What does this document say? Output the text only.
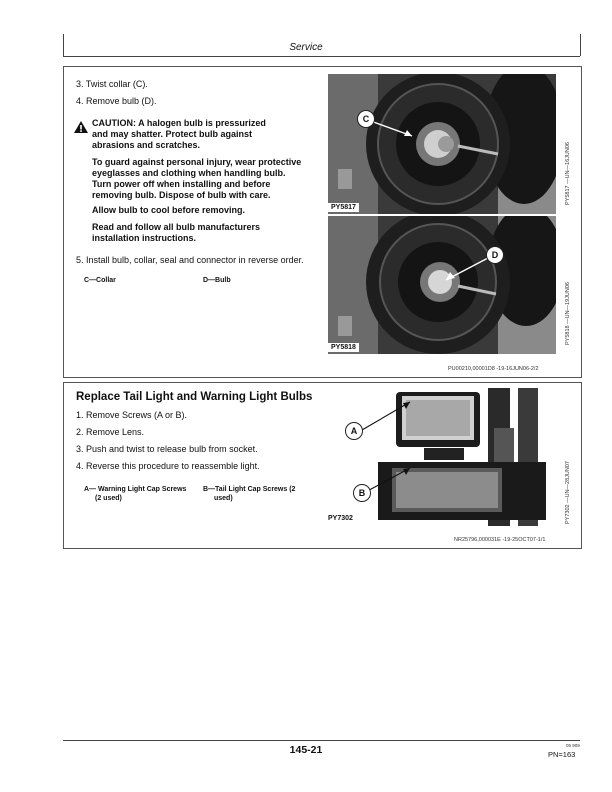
Service
3. Twist collar (C).
4. Remove bulb (D).
CAUTION: A halogen bulb is pressurized
and may shatter. Protect bulb against
abrasions and scratches.
To guard against personal injury, wear protective
eyeglasses and clothing when handling bulb.
Turn power off when installing and before
removing bulb. Dispose of bulb with care.
Allow bulb to cool before removing.
Read and follow all bulb manufacturers
installation instructions.
5. Install bulb, collar, seal and connector in reverse order.
C—Collar	D—Bulb
C
PY5817
PY5817 —UN—16JUN06
D
PY5818
PY5818 —UN—19JUN06
PU00210,00001D8 -19-16JUN06-2/2
Replace Tail Light and Warning Light Bulbs
1. Remove Screws (A or B).
2. Remove Lens.
3. Push and twist to release bulb from socket.
4. Reverse this procedure to reassemble light.
A— Warning Light Cap Screws
(2 used)
B—Tail Light Cap Screws (2
used)
A
B
PY7302	PY7302 —UN—28JUN07
NR25796,000031E -19-25OCT07-1/1
145-21	05 909
PN=163
